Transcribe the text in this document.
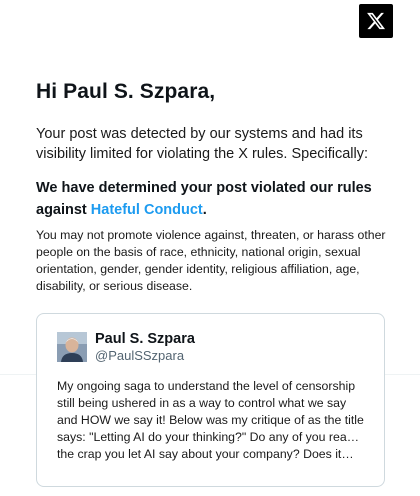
Hi Paul S. Szpara,

Your post was detected by our systems and had its visibility limited for violating the X rules. Specifically:

We have determined your post violated our rules against Hateful Conduct.

You may not promote violence against, threaten, or harass other people on the basis of race, ethnicity, national origin, sexual orientation, gender, gender identity, religious affiliation, age, disability, or serious disease.

Paul S. Szpara
@PaulSSzpara
My ongoing saga to understand the level of censorship still being ushered in as a way to control what we say and HOW we say it! Below was my critique of as the title says: "Letting AI do your thinking?" Do any of you read the crap you let AI say about your company? Does it…
